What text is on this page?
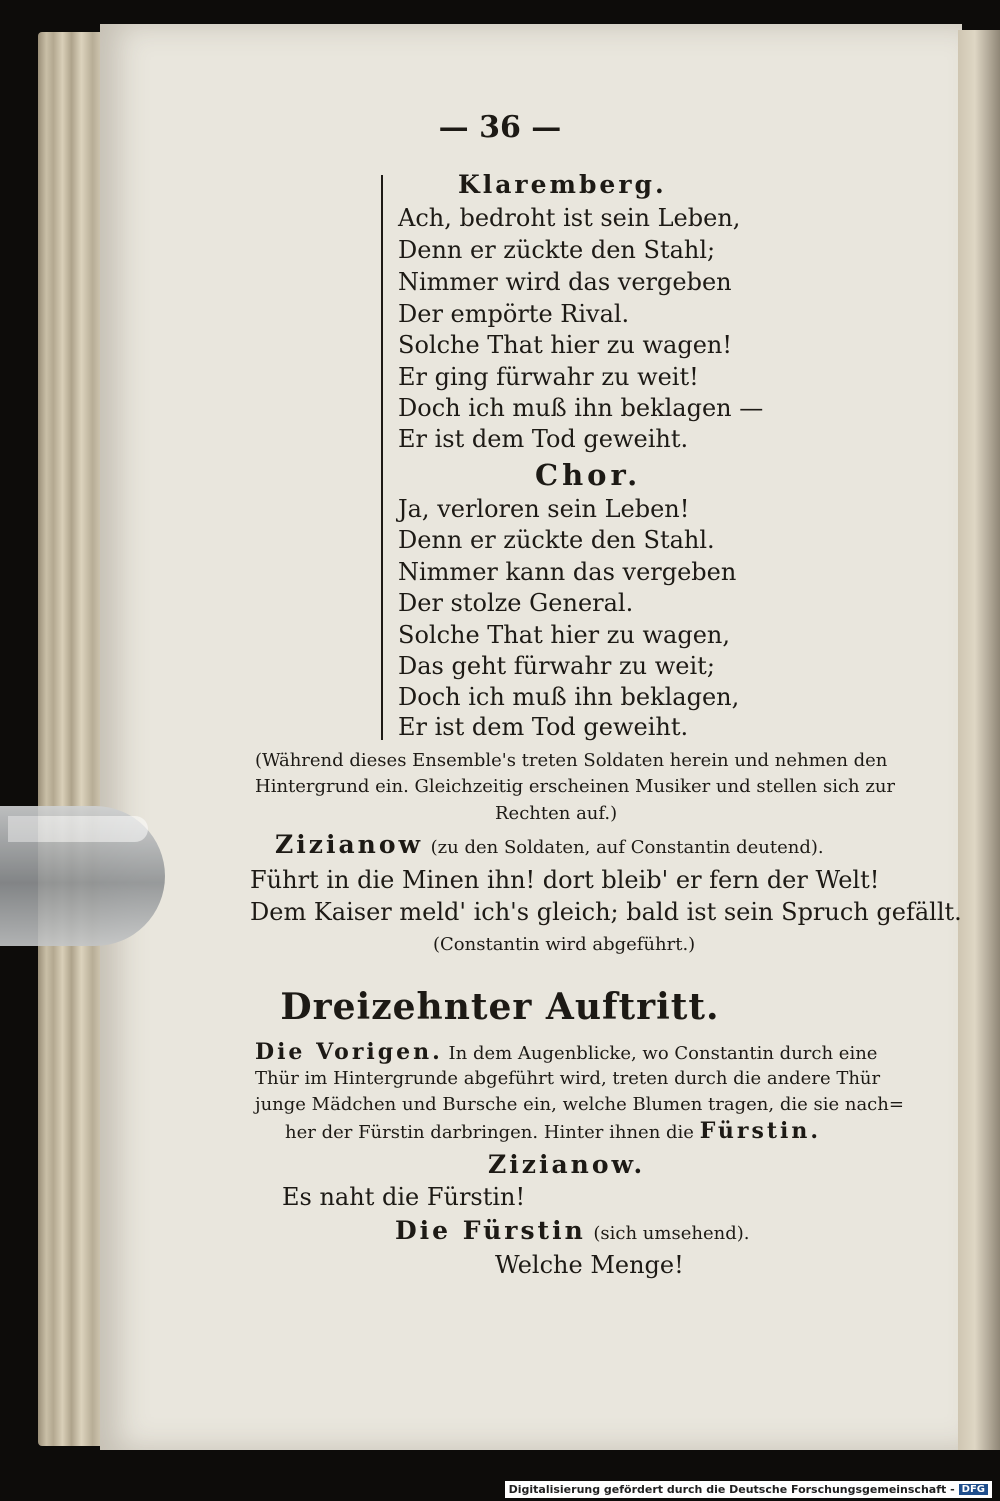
— 36 —
Klaremberg.
Ach, bedroht ist sein Leben,
Denn er zückte den Stahl;
Nimmer wird das vergeben
Der empörte Rival.
Solche That hier zu wagen!
Er ging fürwahr zu weit!
Doch ich muß ihn beklagen —
Er ist dem Tod geweiht.
Chor.
Ja, verloren sein Leben!
Denn er zückte den Stahl.
Nimmer kann das vergeben
Der stolze General.
Solche That hier zu wagen,
Das geht fürwahr zu weit;
Doch ich muß ihn beklagen,
Er ist dem Tod geweiht.
(Während dieses Ensemble's treten Soldaten herein und nehmen den
Hintergrund ein. Gleichzeitig erscheinen Musiker und stellen sich zur
Rechten auf.)
Zizianow (zu den Soldaten, auf Constantin deutend).
Führt in die Minen ihn! dort bleib' er fern der Welt!
Dem Kaiser meld' ich's gleich; bald ist sein Spruch gefällt.
(Constantin wird abgeführt.)
Dreizehnter Auftritt.
Die Vorigen. In dem Augenblicke, wo Constantin durch eine
Thür im Hintergrunde abgeführt wird, treten durch die andere Thür
junge Mädchen und Bursche ein, welche Blumen tragen, die sie nach=
her der Fürstin darbringen. Hinter ihnen die Fürstin.
Zizianow.
Es naht die Fürstin!
Die Fürstin (sich umsehend).
Welche Menge!
Digitalisierung gefördert durch die Deutsche Forschungsgemeinschaft - DFG
